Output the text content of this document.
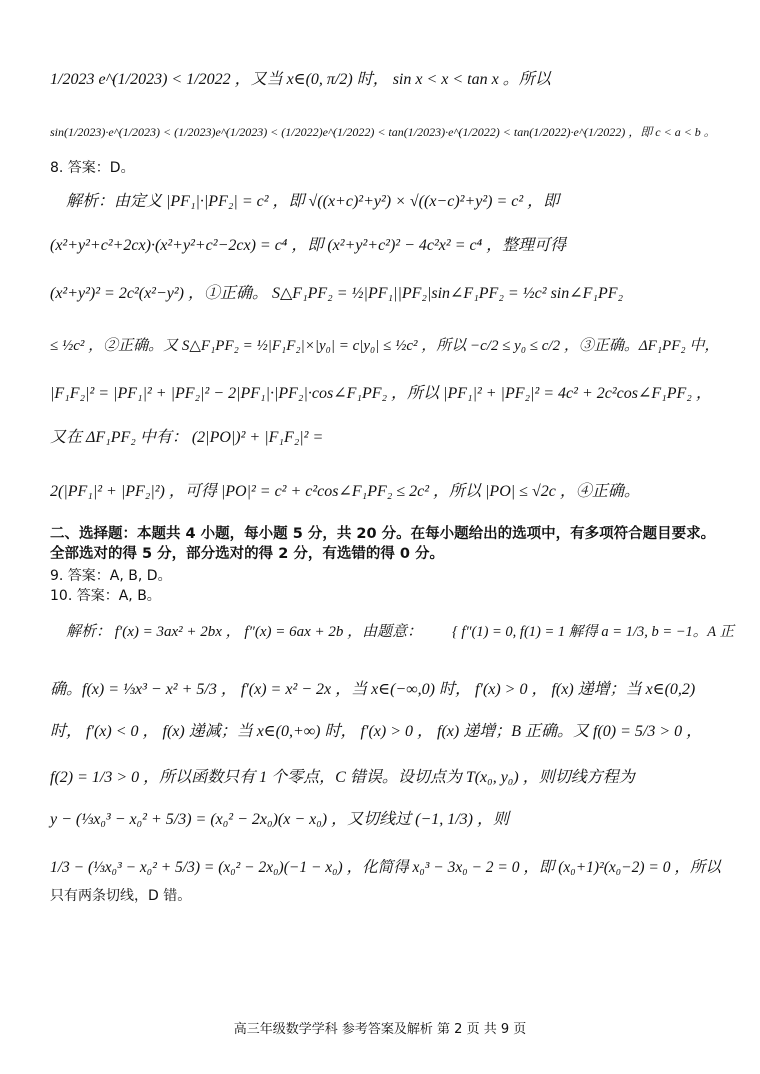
1/2023 e^(1/2023) < 1/2022 ，又当 x∈(0, π/2) 时， sin x < x < tan x 。所以
sin(1/2023)·e^(1/2023) < (1/2023)e^(1/2023) < (1/2022)e^(1/2022) < tan(1/2023)·e^(1/2022) < tan(1/2022)·e^(1/2022) ，即 c < a < b 。
8. 答案：D。
解析：由定义 |PF₁|·|PF₂| = c² ，即 √((x+c)²+y²) × √((x−c)²+y²) = c² ，即
(x²+y²+c²+2cx)·(x²+y²+c²−2cx) = c⁴ ，即 (x²+y²+c²)² − 4c²x² = c⁴ ，整理可得
(x²+y²)² = 2c²(x²−y²) ，①正确。 S△F₁PF₂ = ½|PF₁||PF₂|sin∠F₁PF₂ = ½c² sin∠F₁PF₂
≤ ½c² ，②正确。又 S△F₁PF₂ = ½|F₁F₂|×|y₀| = c|y₀| ≤ ½c² ，所以 −c/2 ≤ y₀ ≤ c/2 ，③正确。ΔF₁PF₂ 中，
|F₁F₂|² = |PF₁|² + |PF₂|² − 2|PF₁|·|PF₂|·cos∠F₁PF₂ ，所以 |PF₁|² + |PF₂|² = 4c² + 2c²cos∠F₁PF₂ ，
又在 ΔF₁PF₂ 中有： (2|PO|)² + |F₁F₂|² =
2(|PF₁|² + |PF₂|²) ，可得 |PO|² = c² + c²cos∠F₁PF₂ ≤ 2c² ，所以 |PO| ≤ √2c ，④正确。
二、选择题：本题共 4 小题，每小题 5 分，共 20 分。在每小题给出的选项中，有多项符合题目要求。
全部选对的得 5 分，部分选对的得 2 分，有选错的得 0 分。
9. 答案：A, B, D。
10. 答案：A, B。
解析： f′(x) = 3ax² + 2bx ， f″(x) = 6ax + 2b ，由题意： { f″(1) = 0, f(1) = 1 解得 a = 1/3, b = −1。A 正
确。f(x) = ⅓x³ − x² + 5/3 ， f′(x) = x² − 2x ，当 x∈(−∞,0) 时， f′(x) > 0 ， f(x) 递增；当 x∈(0,2)
时， f′(x) < 0 ， f(x) 递减；当 x∈(0,+∞) 时， f′(x) > 0 ， f(x) 递增；B 正确。又 f(0) = 5/3 > 0 ，
f(2) = 1/3 > 0 ，所以函数只有 1 个零点，C 错误。设切点为 T(x₀, y₀) ，则切线方程为
y − (⅓x₀³ − x₀² + 5/3) = (x₀² − 2x₀)(x − x₀) ，又切线过 (−1, 1/3) ，则
1/3 − (⅓x₀³ − x₀² + 5/3) = (x₀² − 2x₀)(−1 − x₀) ，化简得 x₀³ − 3x₀ − 2 = 0 ，即 (x₀+1)²(x₀−2) = 0 ，所以
只有两条切线，D 错。
高三年级数学学科 参考答案及解析 第 2 页 共 9 页
